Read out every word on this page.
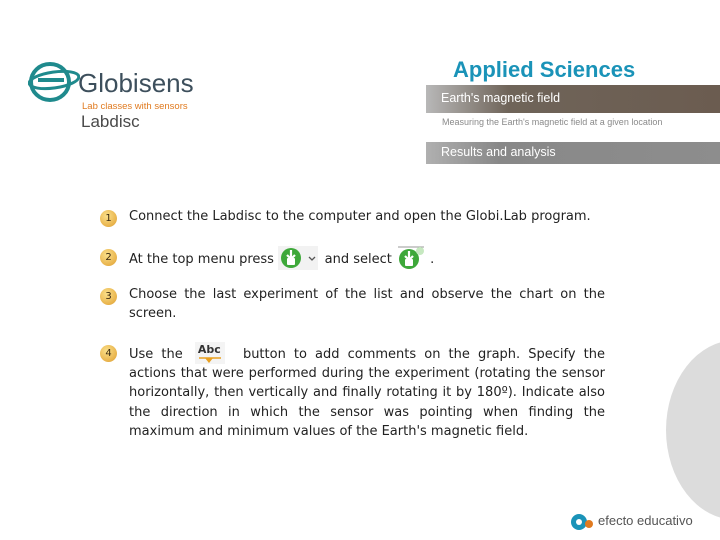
Globisens
Lab classes with sensors
Labdisc
Applied Sciences
Earth's magnetic field
Measuring the Earth's magnetic field at a given location
Results and analysis
1	Connect the Labdisc to the computer and open the Globi.Lab program.
2	At the top menu press	and select	.
3	Choose the last experiment of the list and observe the chart on the screen.
4	Use the Abc button to add comments on the graph. Specify the actions that were performed during the experiment (rotating the sensor horizontally, then vertically and finally rotating it by 180º). Indicate also the direction in which the sensor was pointing when finding the maximum and minimum values of the Earth's magnetic field.
efecto educativo
